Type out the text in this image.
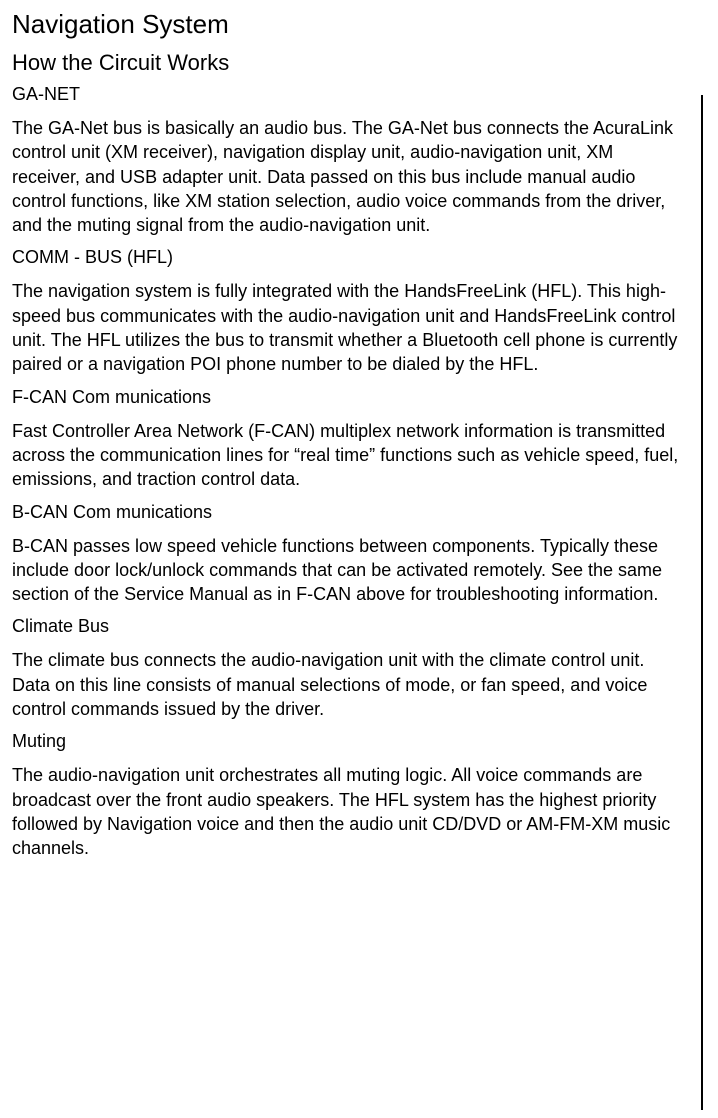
Navigation System
How the Circuit Works
GA-NET

The GA-Net bus is basically an audio bus. The GA-Net bus connects the AcuraLink control unit (XM receiver), navigation display unit, audio-navigation unit, XM receiver, and USB adapter unit. Data passed on this bus include manual audio control functions, like XM station selection, audio voice commands from the driver, and the muting signal from the audio-navigation unit.

COMM - BUS (HFL)

The navigation system is fully integrated with the HandsFreeLink (HFL). This high-speed bus communicates with the audio-navigation unit and HandsFreeLink control unit. The HFL utilizes the bus to transmit whether a Bluetooth cell phone is currently paired or a navigation POI phone number to be dialed by the HFL.

F-CAN Com munications

Fast Controller Area Network (F-CAN) multiplex network information is transmitted across the communication lines for “real time” functions such as vehicle speed, fuel, emissions, and traction control data.

B-CAN Com munications

B-CAN passes low speed vehicle functions between components. Typically these include door lock/unlock commands that can be activated remotely. See the same section of the Service Manual as in F-CAN above for troubleshooting information.

Climate Bus

The climate bus connects the audio-navigation unit with the climate control unit. Data on this line consists of manual selections of mode, or fan speed, and voice control commands issued by the driver.

Muting

The audio-navigation unit orchestrates all muting logic. All voice commands are broadcast over the front audio speakers. The HFL system has the highest priority followed by Navigation voice and then the audio unit CD/DVD or AM-FM-XM music channels.
